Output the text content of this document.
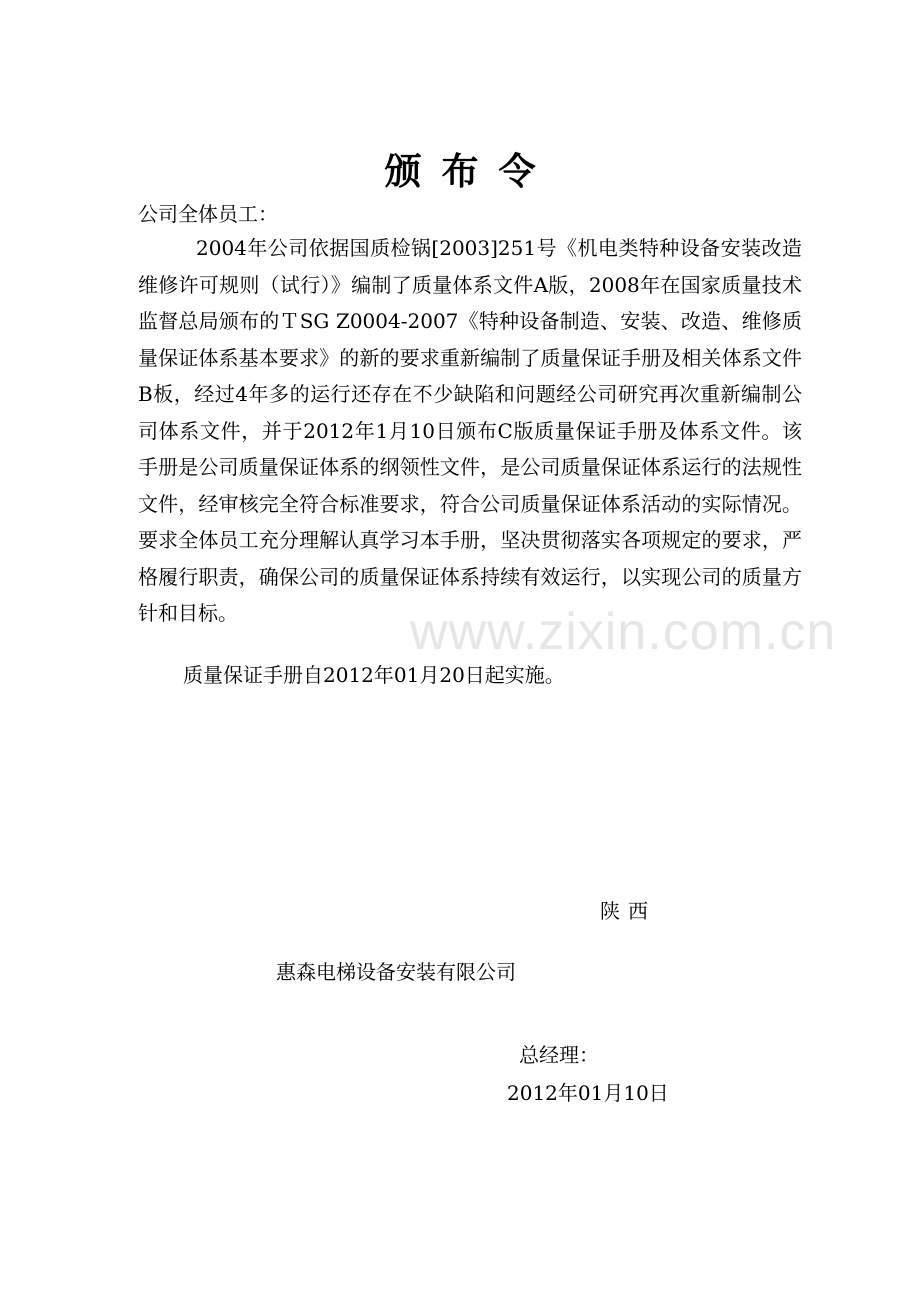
www.zixin.com.cn
颁布令
公司全体员工：

2004年公司依据国质检锅[2003]251号《机电类特种设备安装改造维修许可规则（试行）》编制了质量体系文件A版，2008年在国家质量技术监督总局颁布的ＴSG Z0004-2007《特种设备制造、安装、改造、维修质量保证体系基本要求》的新的要求重新编制了质量保证手册及相关体系文件B板，经过4年多的运行还存在不少缺陷和问题经公司研究再次重新编制公司体系文件，并于2012年1月10日颁布C版质量保证手册及体系文件。该手册是公司质量保证体系的纲领性文件，是公司质量保证体系运行的法规性文件，经审核完全符合标准要求，符合公司质量保证体系活动的实际情况。要求全体员工充分理解认真学习本手册，坚决贯彻落实各项规定的要求，严格履行职责，确保公司的质量保证体系持续有效运行，以实现公司的质量方针和目标。

质量保证手册自2012年01月20日起实施。
陕西
惠森电梯设备安装有限公司
总经理：
2012年01月10日
